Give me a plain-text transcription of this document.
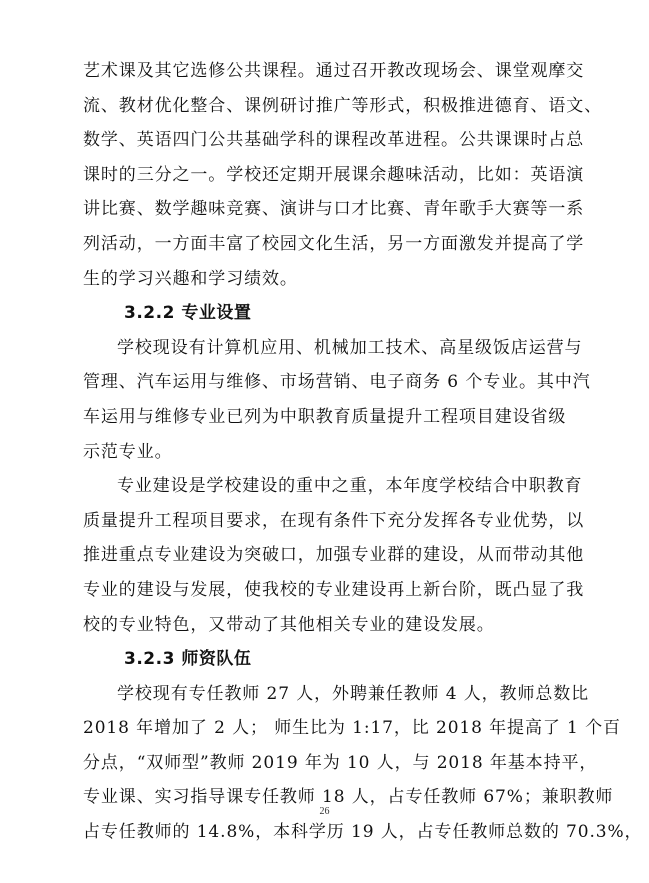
艺术课及其它选修公共课程。通过召开教改现场会、课堂观摩交
流、教材优化整合、课例研讨推广等形式，积极推进德育、语文、
数学、英语四门公共基础学科的课程改革进程。公共课课时占总
课时的三分之一。学校还定期开展课余趣味活动，比如：英语演
讲比赛、数学趣味竞赛、演讲与口才比赛、青年歌手大赛等一系
列活动，一方面丰富了校园文化生活，另一方面激发并提高了学
生的学习兴趣和学习绩效。
3.2.2 专业设置
学校现设有计算机应用、机械加工技术、高星级饭店运营与
管理、汽车运用与维修、市场营销、电子商务 6 个专业。其中汽
车运用与维修专业已列为中职教育质量提升工程项目建设省级
示范专业。
专业建设是学校建设的重中之重，本年度学校结合中职教育
质量提升工程项目要求，在现有条件下充分发挥各专业优势，以
推进重点专业建设为突破口，加强专业群的建设，从而带动其他
专业的建设与发展，使我校的专业建设再上新台阶，既凸显了我
校的专业特色，又带动了其他相关专业的建设发展。
3.2.3 师资队伍
学校现有专任教师 27 人，外聘兼任教师 4 人，教师总数比
2018 年增加了 2 人； 师生比为 1:17，比 2018 年提高了 1 个百
分点，“双师型”教师 2019 年为 10 人，与 2018 年基本持平，
专业课、实习指导课专任教师 18 人，占专任教师 67%；兼职教师
占专任教师的 14.8%，本科学历 19 人，占专任教师总数的 70.3%，
26
